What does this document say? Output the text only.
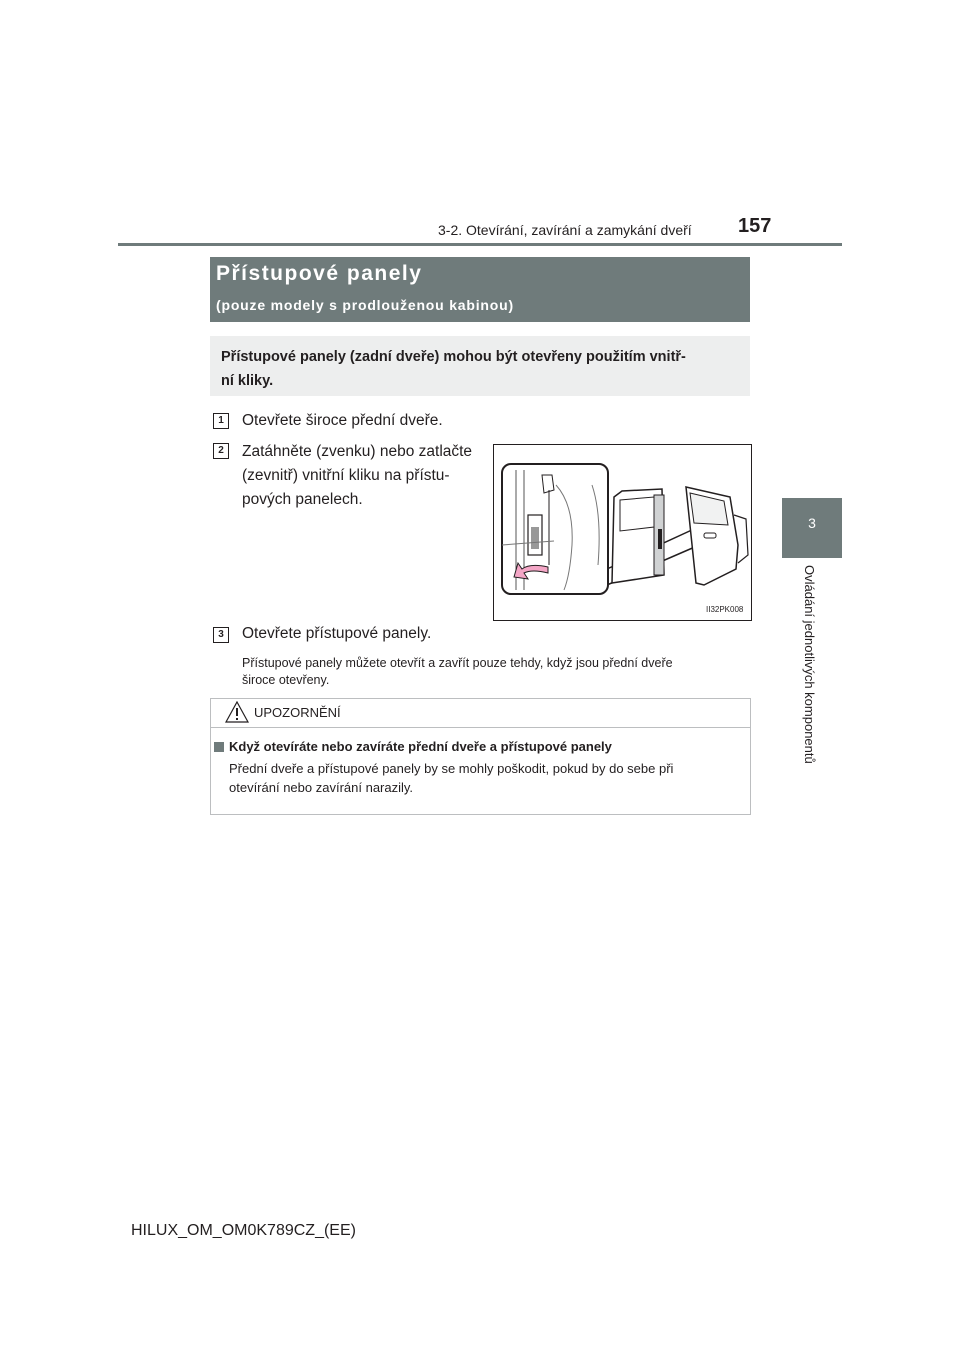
3-2. Otevírání, zavírání a zamykání dveří 157
3
Ovládání jednotlivých komponentů
Přístupové panely
(pouze modely s prodlouženou kabinou)
Přístupové panely (zadní dveře) mohou být otevřeny použitím vnitř-
ní kliky.
1	Otevřete široce přední dveře.
2	Zatáhněte (zvenku) nebo zatlačte
(zevnitř) vnitřní kliku na přístu-
pových panelech.
II32PK008
3	Otevřete přístupové panely.
Přístupové panely můžete otevřít a zavřít pouze tehdy, když jsou přední dveře
široce otevřeny.
UPOZORNĚNÍ
Když otevíráte nebo zavíráte přední dveře a přístupové panely
Přední dveře a přístupové panely by se mohly poškodit, pokud by do sebe při
otevírání nebo zavírání narazily.
HILUX_OM_OM0K789CZ_(EE)
